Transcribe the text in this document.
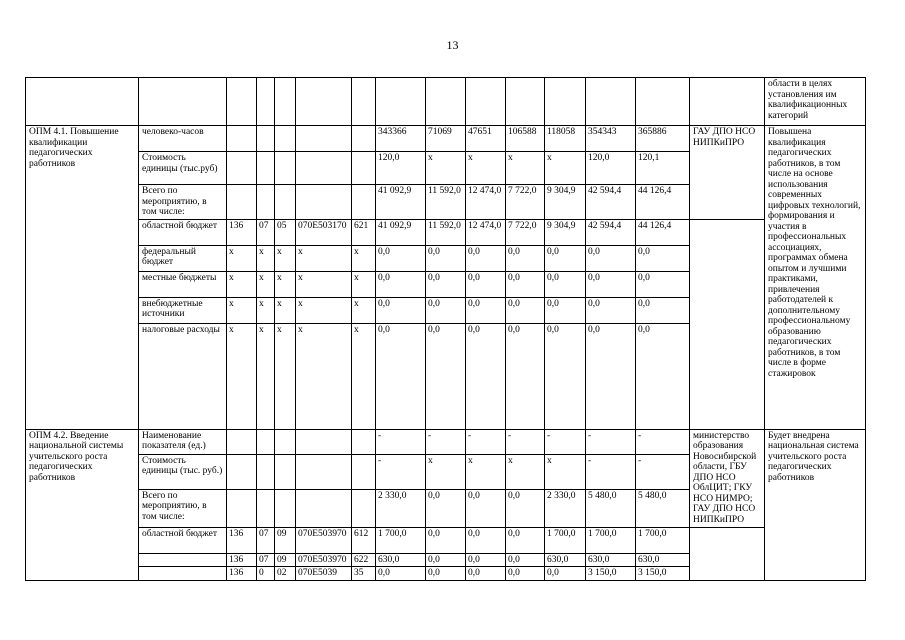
13
															области в целях установления им квалификационных категорий
ОПМ 4.1. Повышение квалификации педагогических работников	человеко-часов						343366	71069	47651	106588	118058	354343	365886	ГАУ ДПО НСО НИПКиПРО	Повышена квалификация педагогических работников, в том числе на основе использования современных цифровых технологий, формирования и участия в профессиональных ассоциациях, программах обмена опытом и лучшими практиками, привлечения работодателей к дополнительному профессиональному образованию педагогических работников, в том числе в форме стажировок
	Стоимость единицы (тыс.руб)						120,0	х	х	х	х	120,0	120,1		
	Всего по мероприятию, в том числе:						41 092,9	11 592,0	12 474,0	7 722,0	9 304,9	42 594,4	44 126,4		
	областной бюджет	136	07	05	070Е503170	621	41 092,9	11 592,0	12 474,0	7 722,0	9 304,9	42 594,4	44 126,4		
	федеральный бюджет	х	х	х	х	х	0,0	0,0	0,0	0,0	0,0	0,0	0,0		
	местные бюджеты	х	х	х	х	х	0,0	0,0	0,0	0,0	0,0	0,0	0,0		
	внебюджетные источники	х	х	х	х	х	0,0	0,0	0,0	0,0	0,0	0,0	0,0		
	налоговые расходы	х	х	х	х	х	0,0	0,0	0,0	0,0	0,0	0,0	0,0		
ОПМ 4.2. Введение национальной системы учительского роста педагогических работников	Наименование показателя (ед.)						-	-	-	-	-	-	-	министерство образования Новосибирской области, ГБУ ДПО НСО ОблЦИТ; ГКУ НСО НИМРО; ГАУ ДПО НСО НИПКиПРО	Будет внедрена национальная система учительского роста педагогических работников
	Стоимость единицы (тыс. руб.)						-	х	х	х	х	-	-		
	Всего по мероприятию, в том числе:						2 330,0	0,0	0,0	0,0	2 330,0	5 480,0	5 480,0		
	областной бюджет	136	07	09	070Е503970	612	1 700,0	0,0	0,0	0,0	1 700,0	1 700,0	1 700,0		
		136	07	09	070Е503970	622	630,0	0,0	0,0	0,0	630,0	630,0	630,0		
		136	0	02	070Е5039	35	0,0	0,0	0,0	0,0	0,0	3 150,0	3 150,0		
